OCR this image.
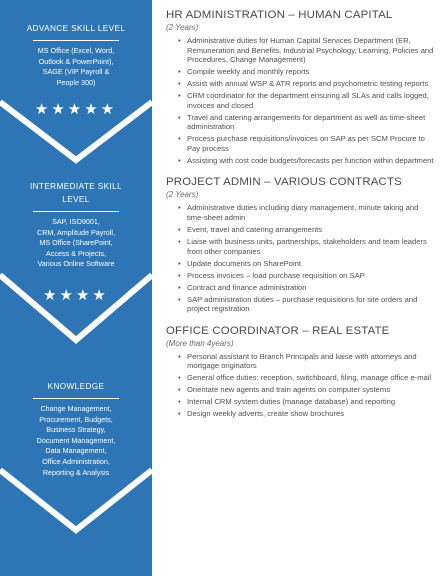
ADVANCE SKILL LEVEL
MS Office (Excel, Word,
Outlook & PowerPoint),
SAGE (VIP Payroll &
People 300)
★★★★★
INTERMEDIATE SKILL
LEVEL
SAP, ISO9001,
CRM, Amplitude Payroll,
MS Office (SharePoint,
Access & Projects,
Various Online Software
★★★★
KNOWLEDGE
Change Management,
Procurement, Budgets,
Business Strategy,
Document Management,
Data Management,
Office Administration,
Reporting & Analysis
HR ADMINISTRATION – HUMAN CAPITAL
(2 Years)
• Administrative duties for Human Capital Services Department (ER, Remuneration and Benefits, Industrial Psychology, Learning, Policies and Procedures, Change Management)
• Compile weekly and monthly reports
• Assist with annual WSP & ATR reports and psychometric testing reports
• CRM coordinator for the department ensuring all SLAs and calls logged, invoices and closed
• Travel and catering arrangements for department as well as time-sheet administration
• Process purchase requisitions/invoices on SAP as per SCM Procure to Pay process
• Assisting with cost code budgets/forecasts per function within department
PROJECT ADMIN – VARIOUS CONTRACTS
(2 Years)
• Administrative duties including diary management, minute taking and time-sheet admin
• Event, travel and catering arrangements
• Liaise with business units, partnerships, stakeholders and team leaders from other companies
• Update documents on SharePoint
• Process invoices – load purchase requisition on SAP
• Contract and finance administration
• SAP administration duties – purchase requisitions for site orders and project registration
OFFICE COORDINATOR – REAL ESTATE
(More than 4years)
• Personal assistant to Branch Principals and liaise with attorneys and mortgage originators
• General office duties: reception, switchboard, filing, manage office e-mail
• Orientate new agents and train agents on computer systems
• Internal CRM system duties (manage database) and reporting
• Design weekly adverts, create show brochures
